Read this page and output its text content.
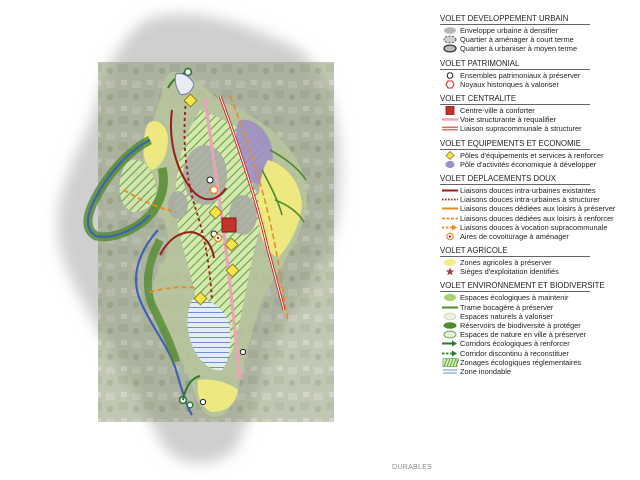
DURABLES
VOLET DEVELOPPEMENT URBAIN
Enveloppe urbaine à densifier
Quartier à aménager à court terme
Quartier à urbaniser à moyen terme
VOLET PATRIMONIAL
Ensembles patrimoniaux à préserver
Noyaux historiques à valoriser
VOLET CENTRALITE
Centre-ville à conforter
Voie structurante à requalifier
Liaison supracommunale à structurer
VOLET EQUIPEMENTS ET ECONOMIE
Pôles d'équipements et services à renforcer
Pôle d'activités économique à développer
VOLET DEPLACEMENTS DOUX
Liaisons douces intra-urbaines existantes
Liaisons douces intra-urbaines à structurer
Liaisons douces dédiées aux loisirs à préserver
Liaisons douces dédiées aux loisirs à renforcer
Liaisons douces à vocation supracommunale
Aires de covoiturage à aménager
VOLET AGRICOLE
Zones agricoles à préserver
Sièges d'exploitation identifiés
VOLET ENVIRONNEMENT ET BIODIVERSITE
Espaces écologiques à maintenir
Trame bocagère à préserver
Espaces naturels à valoriser
Réservoirs de biodiversité à protéger
Espaces de nature en ville à préserver
Corridors écologiques à renforcer
Corridor discontinu à reconstituer
Zonages écologiques réglementaires
Zone inondable
